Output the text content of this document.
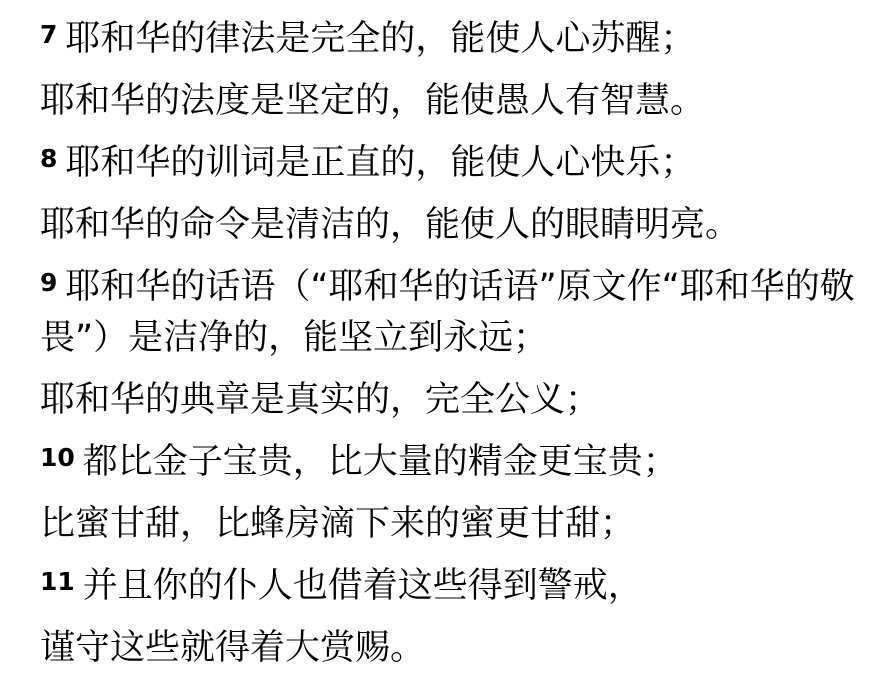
7 耶和华的律法是完全的，能使人心苏醒；
耶和华的法度是坚定的，能使愚人有智慧。
8 耶和华的训词是正直的，能使人心快乐；
耶和华的命令是清洁的，能使人的眼睛明亮。
9 耶和华的话语（“耶和华的话语”原文作“耶和华的敬
畏”）是洁净的，能坚立到永远；
耶和华的典章是真实的，完全公义；
10 都比金子宝贵，比大量的精金更宝贵；
比蜜甘甜，比蜂房滴下来的蜜更甘甜；
11 并且你的仆人也借着这些得到警戒，
谨守这些就得着大赏赐。
